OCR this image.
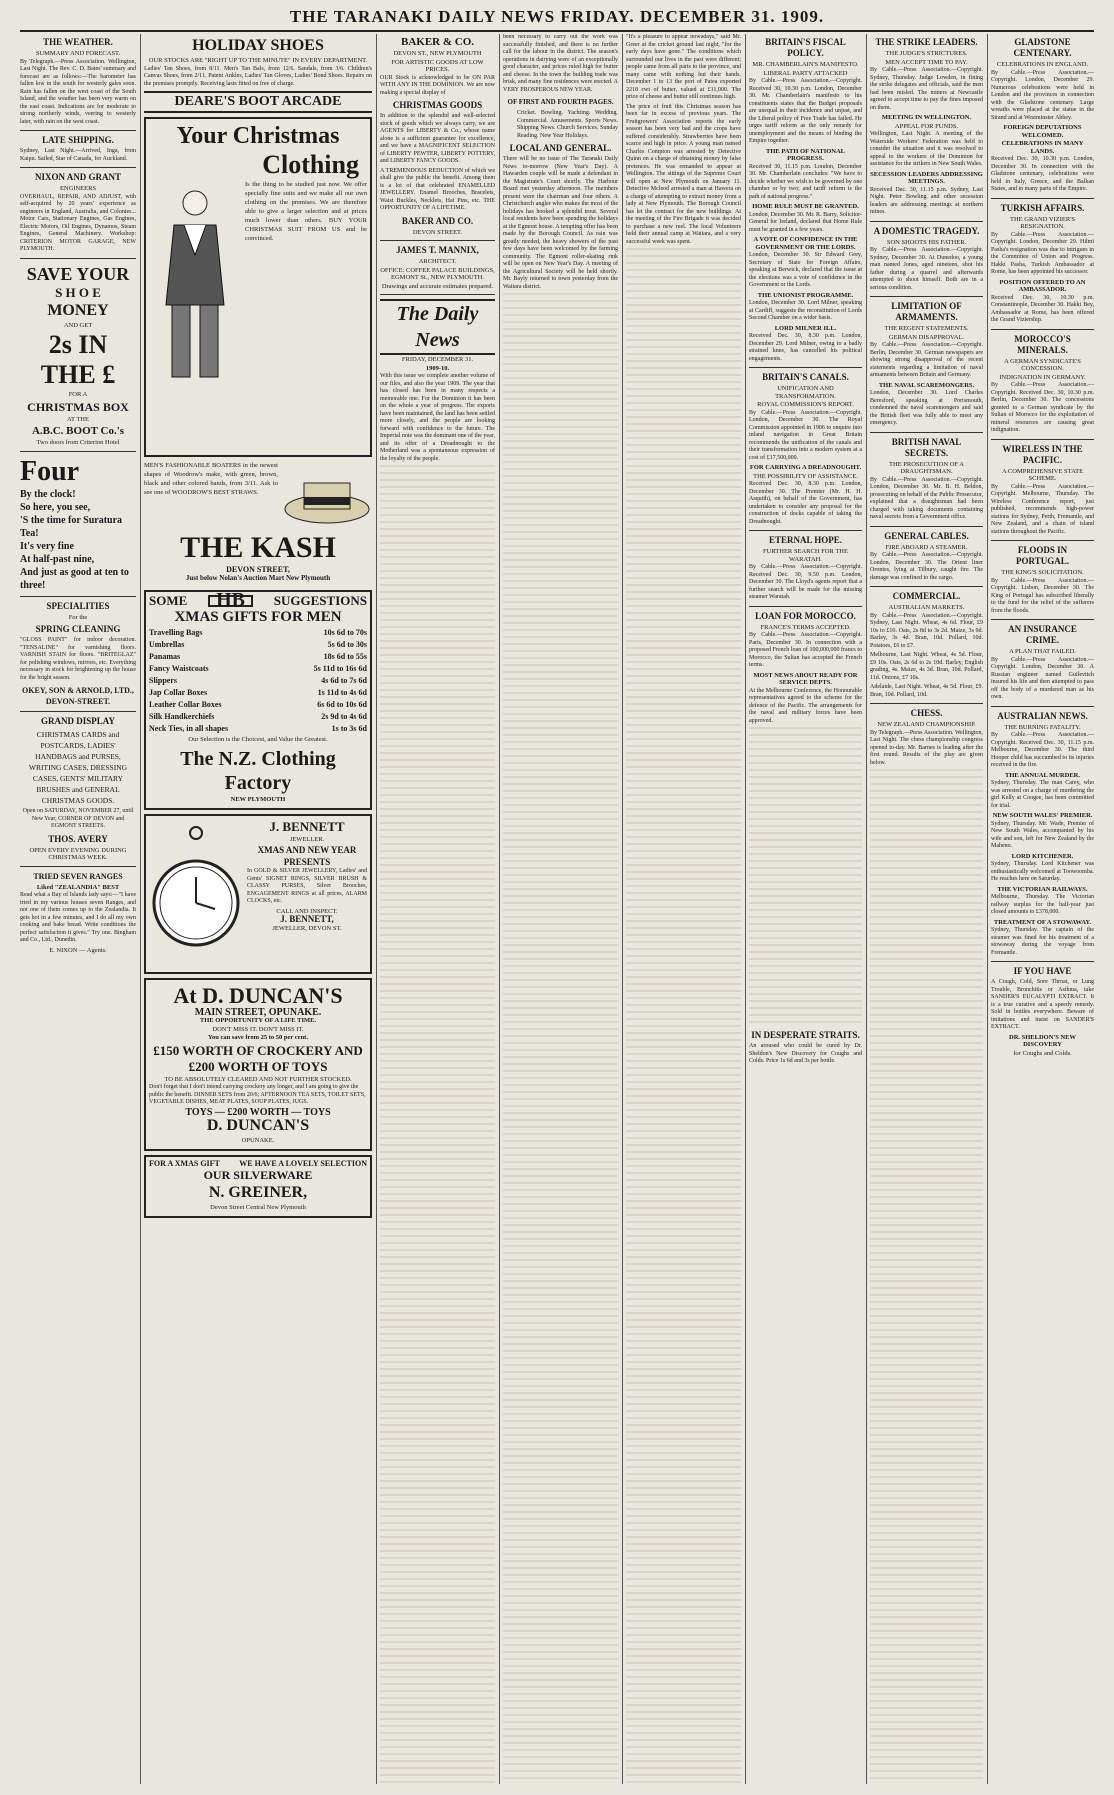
THE TARANAKI DAILY NEWS FRIDAY. DECEMBER 31. 1909.
THE WEATHER.
SUMMARY AND FORECAST.

By Telegraph.—Press Association. Wellington, Last Night. The Rev. C. D. Bates' summary and forecast are as follows:—The barometer has fallen low in the south for westerly gales soon. Rain has fallen on the west coast of the South Island, and the weather has been very warm on the east coast. Indications are for moderate to strong northerly winds, veering to westerly later, with rain on the west coast.

LATE SHIPPING.

Sydney, Last Night.—Arrived, Inga, from Kaipu. Sailed, Star of Canada, for Auckland.

NIXON AND GRANT
ENGINEERS

OVERHAUL, REPAIR, AND ADJUST, with self-acquired by 20 years' experience as engineers in England, Australia, and Colonies... Motor Cars, Stationary Engines, Gas Engines, Electric Motors, Oil Engines, Dynamos, Steam Engines, General Machinery. Workshop: CRITERION MOTOR GARAGE, NEW PLYMOUTH.

SAVE YOUR
S H O E
MONEY
AND GET
2s IN THE £
FOR A
CHRISTMAS BOX
AT THE
A.B.C. BOOT Co.'s
Two doors from Criterion Hotel
Four
By the clock!
So here, you see,
'S the time for Suratura Tea!
It's very fine
At half-past nine,
And just as good at ten to three!
SPECIALITIES
For the
SPRING CLEANING

"GLOSS PAINT" for indoor decoration. "TENSALINE" for varnishing floors. VARNISH STAIN for floors. "BRITEGLAZ" for polishing windows, mirrors, etc. Everything necessary in stock for brightening up the house for the bright season.

OKEY, SON & ARNOLD, LTD., DEVON-STREET.
GRAND DISPLAY

CHRISTMAS CARDS and POSTCARDS, LADIES' HANDBAGS and PURSES, WRITING CASES, DRESSING CASES, GENTS' MILITARY BRUSHES and GENERAL CHRISTMAS GOODS.

Open on SATURDAY, NOVEMBER 27, until New Year, CORNER OF DEVON and EGMONT STREETS.

THOS. AVERY
OPEN EVERY EVENING DURING CHRISTMAS WEEK.
TRIED SEVEN RANGES
Liked "ZEALANDIA" BEST

Read what a Bay of Islands lady says:—"I have tried in my various houses seven Ranges, and not one of them comes up to the Zealandia. It gets hot in a few minutes, and I do all my own cooking and bake bread. Write conditions the perfect satisfaction it gives." Try one. Bingham and Co., Ltd., Dunedin.

E. NIXON — Agents.
HOLIDAY SHOES
OUR STOCKS ARE "RIGHT UP TO THE MINUTE" IN EVERY DEPARTMENT.

Ladies' Tan Shoes, from 8/11. Men's Tan Bals, from 12/6. Sandals, from 3/6. Children's Canvas Shoes, from 2/11. Patent Ankles, Ladies' Tan Gloves, Ladies' Bond Shoes. Repairs on the premises promptly. Receiving lasts fitted on free of charge.

DEARE'S BOOT ARCADE
Your Christmas
Clothing

Is the thing to be studied just now. We offer specially fine suits and we make all our own clothing on the premises. We are therefore able to give a larger selection and at prices much lower than others. BUY YOUR CHRISTMAS SUIT FROM US and be convinced.

MEN'S FASHIONABLE BOATERS in the newest shapes of Woodrow's make, with green, brown, black and other colored bands, from 3/11. Ask to see one of WOODROW'S BEST STRAWS.

THE KASH
DEVON STREET,
Just below Nolan's Auction Mart New Plymouth
SOME	HB	SUGGESTIONS
XMAS GIFTS FOR MEN
Travelling Bags	10s 6d to 70s
Umbrellas	5s 6d to 30s
Panamas	18s 6d to 55s
Fancy Waistcoats	5s 11d to 16s 6d
Slippers	4s 6d to 7s 6d
Jap Collar Boxes	1s 11d to 4s 6d
Leather Collar Boxes	6s 6d to 10s 6d
Silk Handkerchiefs	2s 9d to 4s 6d
Neck Ties, in all shapes	1s to 3s 6d
Our Selection is the Choicest, and Value the Greatest.
The N.Z. Clothing Factory
NEW PLYMOUTH
J. BENNETT
JEWELLER.
XMAS AND NEW YEAR PRESENTS

In GOLD & SILVER JEWELLERY, Ladies' and Gents' SIGNET RINGS, SILVER BRUSH & CLASSY PURSES, Silver Brooches, ENGAGEMENT RINGS at all prices, ALARM CLOCKS, etc.

CALL AND INSPECT.
J. BENNETT,
JEWELLER, DEVON ST.
At D. DUNCAN'S
MAIN STREET, OPUNAKE.
THE OPPORTUNITY OF A LIFE TIME.
DON'T MISS IT. DON'T MISS IT.
You can save from 25 to 50 per cent.
£150 WORTH OF CROCKERY AND £200 WORTH OF TOYS
TO BE ABSOLUTELY CLEARED AND NOT FURTHER STOCKED.

Don't forget that I don't intend carrying crockery any longer, and I am going to give the public the benefit. DINNER SETS from 20/6; AFTERNOON TEA SETS, TOILET SETS, VEGETABLE DISHES, MEAT PLATES, SOUP PLATES, JUGS.

TOYS — £200 WORTH — TOYS
D. DUNCAN'S
OPUNAKE.
FOR A XMAS GIFT WE HAVE A LOVELY SELECTION
OUR SILVERWARE
N. GREINER,
Devon Street Central New Plymouth
BAKER & CO.
DEVON ST., NEW PLYMOUTH
FOR ARTISTIC GOODS AT LOW PRICES.

OUR Stock is acknowledged to be ON PAR WITH ANY IN THE DOMINION. We are now making a special display of

CHRISTMAS GOODS

In addition to the splendid and well-selected stock of goods which we always carry, we are AGENTS for LIBERTY & Co., whose name alone is a sufficient guarantee for excellence, and we have a MAGNIFICENT SELECTION of LIBERTY PEWTER, LIBERTY POTTERY, and LIBERTY FANCY GOODS.

A TREMENDOUS REDUCTION of which we shall give the public the benefit. Among them is a lot of that celebrated ENAMELLED JEWELLERY. Enamel Brooches, Bracelets, Waist Buckles, Necklets, Hat Pins, etc. THE OPPORTUNITY OF A LIFETIME.

BAKER AND CO.
DEVON STREET.
JAMES T. MANNIX,
ARCHITECT.
OFFICE: COFFEE PALACE BUILDINGS, EGMONT St., NEW PLYMOUTH.
Drawings and accurate estimates prepared.
The Daily News
FRIDAY, DECEMBER 31.
1909-10.

With this issue we complete another volume of our files, and also the year 1909. The year that has closed has been in many respects a memorable one. For the Dominion it has been on the whole a year of progress. The exports have been maintained, the land has been settled more closely, and the people are looking forward with confidence to the future. The Imperial note was the dominant one of the year, and its offer of a Dreadnought to the Motherland was a spontaneous expression of the loyalty of the people.

been necessary to carry out the work was successfully finished, and there is no further call for the labour in the district. The season's operations in dairying were of an exceptionally good character, and prices ruled high for butter and cheese. In the town the building trade was brisk, and many fine residences were erected. A VERY PROSPEROUS NEW YEAR.

OF FIRST AND FOURTH PAGES.

Cricket. Bowling. Yachting. Wedding. Commercial. Amusements. Sports News. Shipping News. Church Services. Sunday Reading. New Year Holidays.

LOCAL AND GENERAL.

There will be no issue of The Taranaki Daily News to-morrow (New Year's Day). A Hawarden couple will be made a defendant in the Magistrate's Court shortly. The Harbour Board met yesterday afternoon. The members present were the chairman and four others. A Christchurch angler who makes the most of the holidays has hooked a splendid trout. Several local residents have been spending the holidays at the Egmont house. A tempting offer has been made by the Borough Council. As rain was greatly needed, the heavy showers of the past few days have been welcomed by the farming community. The Egmont roller-skating rink will be open on New Year's Day. A meeting of the Agricultural Society will be held shortly. Mr. Bayly returned to town yesterday from the Waitara district.

"It's a pleasure to appear nowadays," said Mr. Greer at the cricket ground last night, "for the early days have gone." The conditions which surrounded our lives in the past were different; people came from all parts to the province, and many came with nothing but their hands. December 1 to 13 the port of Patea exported 2218 cwt of butter, valued at £11,000. The price of cheese and butter still continues high.

The price of fruit this Christmas season has been far in excess of previous years. The Fruitgrowers' Association reports the early season has been very bad and the crops have suffered considerably. Strawberries have been scarce and high in price. A young man named Charles Compton was arrested by Detective Quinn on a charge of obtaining money by false pretences. He was remanded to appear at Wellington. The sittings of the Supreme Court will open at New Plymouth on January 11. Detective Mcleod arrested a man at Hawera on a charge of attempting to extract money from a lady at New Plymouth. The Borough Council has let the contract for the new buildings. At the meeting of the Fire Brigade it was decided to purchase a new reel. The local Volunteers held their annual camp at Waitara, and a very successful week was spent.

BRITAIN'S FISCAL POLICY.
MR. CHAMBERLAIN'S MANIFESTO.
LIBERAL PARTY ATTACKED

By Cable.—Press Association.—Copyright. Received 30, 10.30 p.m. London, December 30. Mr. Chamberlain's manifesto to his constituents states that the Budget proposals are unequal in their incidence and unjust, and the Liberal policy of Free Trade has failed. He urges tariff reform as the only remedy for unemployment and the means of binding the Empire together.

THE PATH OF NATIONAL PROGRESS.

Received 30, 11.15 p.m. London, December 30. Mr. Chamberlain concludes: "We have to decide whether we wish to be governed by one chamber or by two; and tariff reform is the path of national progress."

HOME RULE MUST BE GRANTED.

London, December 30. Mr. R. Barry, Solicitor-General for Ireland, declared that Home Rule must be granted in a few years.

A VOTE OF CONFIDENCE IN THE GOVERNMENT OR THE LORDS.

London, December 30. Sir Edward Grey, Secretary of State for Foreign Affairs, speaking at Berwick, declared that the issue at the elections was a vote of confidence in the Government or the Lords.

THE UNIONIST PROGRAMME.

London, December 30. Lord Milner, speaking at Cardiff, suggests the reconstitution of Lords Second Chamber on a wider basis.

LORD MILNER ILL.

Received Dec. 30, 8.30 p.m. London, December 29. Lord Milner, owing to a badly strained knee, has cancelled his political engagements.

BRITAIN'S CANALS.
UNIFICATION AND TRANSFORMATION.
ROYAL COMMISSION'S REPORT.

By Cable.—Press Association.—Copyright. London, December 30. The Royal Commission appointed in 1906 to enquire into inland navigation in Great Britain recommends the unification of the canals and their transformation into a modern system at a cost of £17,500,000.

FOR CARRYING A DREADNOUGHT.
THE POSSIBILITY OF ASSISTANCE.

Received Dec. 30, 8.30 p.m. London, December 30. The Premier (Mr. H. H. Asquith), on behalf of the Government, has undertaken to consider any proposal for the construction of docks capable of taking the Dreadnought.

ETERNAL HOPE.
FURTHER SEARCH FOR THE WARATAH.

By Cable.—Press Association.—Copyright. Received Dec. 30, 9.50 p.m. London, December 30. The Lloyd's agents report that a further search will be made for the missing steamer Waratah.

LOAN FOR MOROCCO.
FRANCE'S TERMS ACCEPTED.

By Cable.—Press Association.—Copyright. Paris, December 30. In connection with a proposed French loan of 100,000,000 francs to Morocco, the Sultan has accepted the French terms.

MOST NEWS ABOUT READY FOR SERVICE DEPTS.

At the Melbourne Conference, the Honourable representatives agreed to the scheme for the defence of the Pacific. The arrangements for the naval and military forces have been approved.

IN DESPERATE STRAITS.

An aroused who could be cured by Dr. Sheldon's New Discovery for Coughs and Colds. Price 1s 6d and 3s per bottle.

THE STRIKE LEADERS.
THE JUDGE'S STRICTURES.
MEN ACCEPT TIME TO PAY.

By Cable.—Press Association.—Copyright. Sydney, Thursday. Judge Lowden, in fining the strike delegates and officials, said the men had been misled. The miners at Newcastle agreed to accept time to pay the fines imposed on them.

MEETING IN WELLINGTON.
APPEAL FOR FUNDS.

Wellington, Last Night. A meeting of the Waterside Workers' Federation was held to consider the situation and it was resolved to appeal to the workers of the Dominion for assistance for the strikers in New South Wales.

SECESSION LEADERS ADDRESSING MEETINGS.

Received Dec. 30, 11.15 p.m. Sydney, Last Night. Peter Bowling and other secession leaders are addressing meetings at northern mines.

A DOMESTIC TRAGEDY.
SON SHOOTS HIS FATHER.

By Cable.—Press Association.—Copyright. Sydney, December 30. At Dunedoo, a young man named Jones, aged nineteen, shot his father during a quarrel and afterwards attempted to shoot himself. Both are in a serious condition.

LIMITATION OF ARMAMENTS.
THE REGENT STATEMENTS.
GERMAN DISAPPROVAL.

By Cable.—Press Association.—Copyright. Berlin, December 30. German newspapers are showing strong disapproval of the recent statements regarding a limitation of naval armaments between Britain and Germany.

THE NAVAL SCAREMONGERS.

London, December 30. Lord Charles Beresford, speaking at Portsmouth, condemned the naval scaremongers and said the British fleet was fully able to meet any emergency.

BRITISH NAVAL SECRETS.
THE PROSECUTION OF A DRAUGHTSMAN.

By Cable.—Press Association.—Copyright. London, December 30. Mr. B. H. Beldon, prosecuting on behalf of the Public Prosecutor, explained that a draughtsman had been charged with taking documents containing naval secrets from a Government office.

GENERAL CABLES.
FIRE ABOARD A STEAMER.

By Cable.—Press Association.—Copyright. London, December 30. The Orient liner Orontes, lying at Tilbury, caught fire. The damage was confined to the cargo.

COMMERCIAL.
AUSTRALIAN MARKETS.

By Cable.—Press Association.—Copyright. Sydney, Last Night. Wheat, 4s 6d. Flour, £9 10s to £10. Oats, 2s 8d to 3s 2d. Maize, 3s 9d. Barley, 3s 4d. Bran, 10d. Pollard, 10d. Potatoes, £6 to £7.

Melbourne, Last Night. Wheat, 4s 5d. Flour, £9 10s. Oats, 2s 6d to 2s 10d. Barley, English grading, 4s. Maize, 4s 3d. Bran, 10d. Pollard, 11d. Onions, £7 10s.

Adelaide, Last Night. Wheat, 4s 5d. Flour, £9. Bran, 10d. Pollard, 10d.

CHESS.
NEW ZEALAND CHAMPIONSHIP.

By Telegraph.—Press Association. Wellington, Last Night. The chess championship congress opened to-day. Mr. Barnes is leading after the first round. Results of the play are given below.

GLADSTONE CENTENARY.
CELEBRATIONS IN ENGLAND.

By Cable.—Press Association.—Copyright. London, December 29. Numerous celebrations were held in London and the provinces in connection with the Gladstone centenary. Large wreaths were placed at the statue in the Strand and at Westminster Abbey.

FOREIGN DEPUTATIONS WELCOMED.
CELEBRATIONS IN MANY LANDS.

Received Dec. 30, 10.30 p.m. London, December 30. In connection with the Gladstone centenary, celebrations were held in Italy, Greece, and the Balkan States, and in many parts of the Empire.

TURKISH AFFAIRS.
THE GRAND VIZIER'S RESIGNATION.

By Cable.—Press Association.—Copyright. London, December 29. Hilmi Pasha's resignation was due to intrigues in the Committee of Union and Progress. Hakki Pasha, Turkish Ambassador at Rome, has been appointed his successor.

POSITION OFFERED TO AN AMBASSADOR.

Received Dec. 30, 10.30 p.m. Constantinople, December 30. Hakki Bey, Ambassador at Rome, has been offered the Grand Viziership.

MOROCCO'S MINERALS.
A GERMAN SYNDICATE'S CONCESSION.
INDIGNATION IN GERMANY.

By Cable.—Press Association.—Copyright. Received Dec. 30, 10.30 p.m. Berlin, December 30. The concessions granted to a German syndicate by the Sultan of Morocco for the exploitation of mineral resources are causing great indignation.

WIRELESS IN THE PACIFIC.
A COMPREHENSIVE STATE SCHEME.

By Cable.—Press Association.—Copyright. Melbourne, Thursday. The Wireless Conference report, just published, recommends high-power stations for Sydney, Perth, Fremantle, and New Zealand, and a chain of island stations throughout the Pacific.

FLOODS IN PORTUGAL.
THE KING'S SOLICITATION.

By Cable.—Press Association.—Copyright. Lisbon, December 30. The King of Portugal has subscribed liberally to the fund for the relief of the sufferers from the floods.

AN INSURANCE CRIME.
A PLAN THAT FAILED.

By Cable.—Press Association.—Copyright. London, December 30. A Russian engineer named Guilevitch insured his life and then attempted to pass off the body of a murdered man as his own.

AUSTRALIAN NEWS.
THE BURNING FATALITY.

By Cable.—Press Association.—Copyright. Received Dec. 30, 11.15 p.m. Melbourne, December 30. The third Hooper child has succumbed to its injuries received in the fire.

THE ANNUAL MURDER.

Sydney, Thursday. The man Carey, who was arrested on a charge of murdering the girl Kelly at Coogee, has been committed for trial.

NEW SOUTH WALES' PREMIER.

Sydney, Thursday. Mr. Wade, Premier of New South Wales, accompanied by his wife and son, left for New Zealand by the Maheno.

LORD KITCHENER.

Sydney, Thursday. Lord Kitchener was enthusiastically welcomed at Toowoomba. He reaches here on Saturday.

THE VICTORIAN RAILWAYS.

Melbourne, Thursday. The Victorian railway surplus for the half-year just closed amounts to £378,000.

TREATMENT OF A STOWAWAY.

Sydney, Thursday. The captain of the steamer was fined for his treatment of a stowaway during the voyage from Fremantle.

IF YOU HAVE

A Cough, Cold, Sore Throat, or Lung Trouble, Bronchitis or Asthma, take SANDER'S EUCALYPTI EXTRACT. It is a true curative and a speedy remedy. Sold in bottles everywhere. Beware of imitations and insist on SANDER'S EXTRACT.

DR. SHELDON'S NEW DISCOVERY
for Coughs and Colds.
